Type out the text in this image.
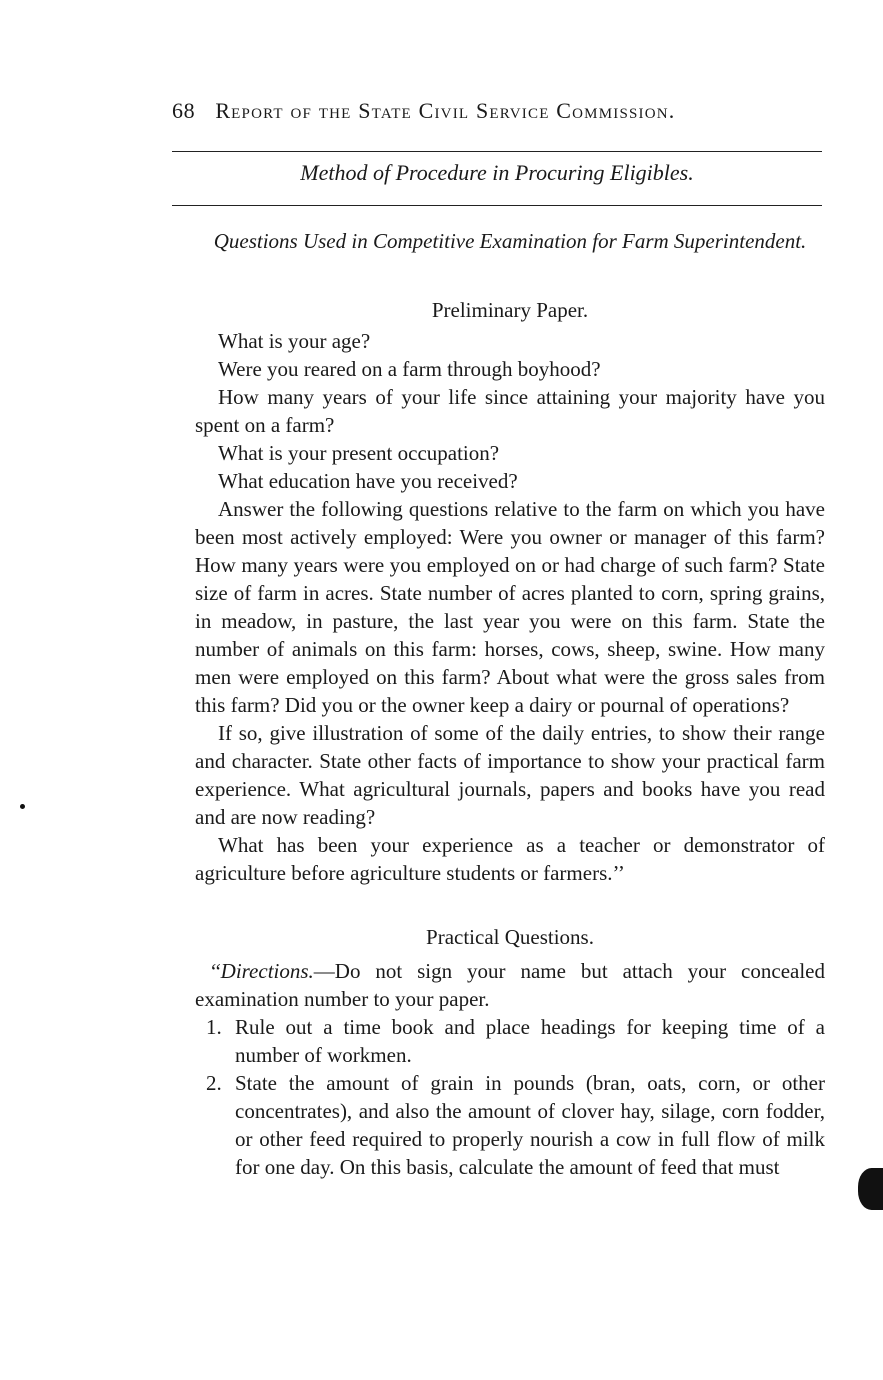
68 Report of the State Civil Service Commission.
Method of Procedure in Procuring Eligibles.
Questions Used in Competitive Examination for Farm Superintendent.

Preliminary Paper.

What is your age?

Were you reared on a farm through boyhood?

How many years of your life since attaining your majority have you spent on a farm?

What is your present occupation?

What education have you received?

Answer the following questions relative to the farm on which you have been most actively employed: Were you owner or manager of this farm? How many years were you employed on or had charge of such farm? State size of farm in acres. State number of acres planted to corn, spring grains, in meadow, in pasture, the last year you were on this farm. State the number of animals on this farm: horses, cows, sheep, swine. How many men were employed on this farm? About what were the gross sales from this farm? Did you or the owner keep a dairy or pournal of operations?

If so, give illustration of some of the daily entries, to show their range and character. State other facts of importance to show your practical farm experience. What agricultural journals, papers and books have you read and are now reading?

What has been your experience as a teacher or demonstrator of agriculture before agriculture students or farmers.’’

Practical Questions.

‘‘Directions.—Do not sign your name but attach your concealed examination number to your paper.

1. Rule out a time book and place headings for keeping time of a number of workmen.
2. State the amount of grain in pounds (bran, oats, corn, or other concentrates), and also the amount of clover hay, silage, corn fodder, or other feed required to properly nourish a cow in full flow of milk for one day. On this basis, calculate the amount of feed that must
